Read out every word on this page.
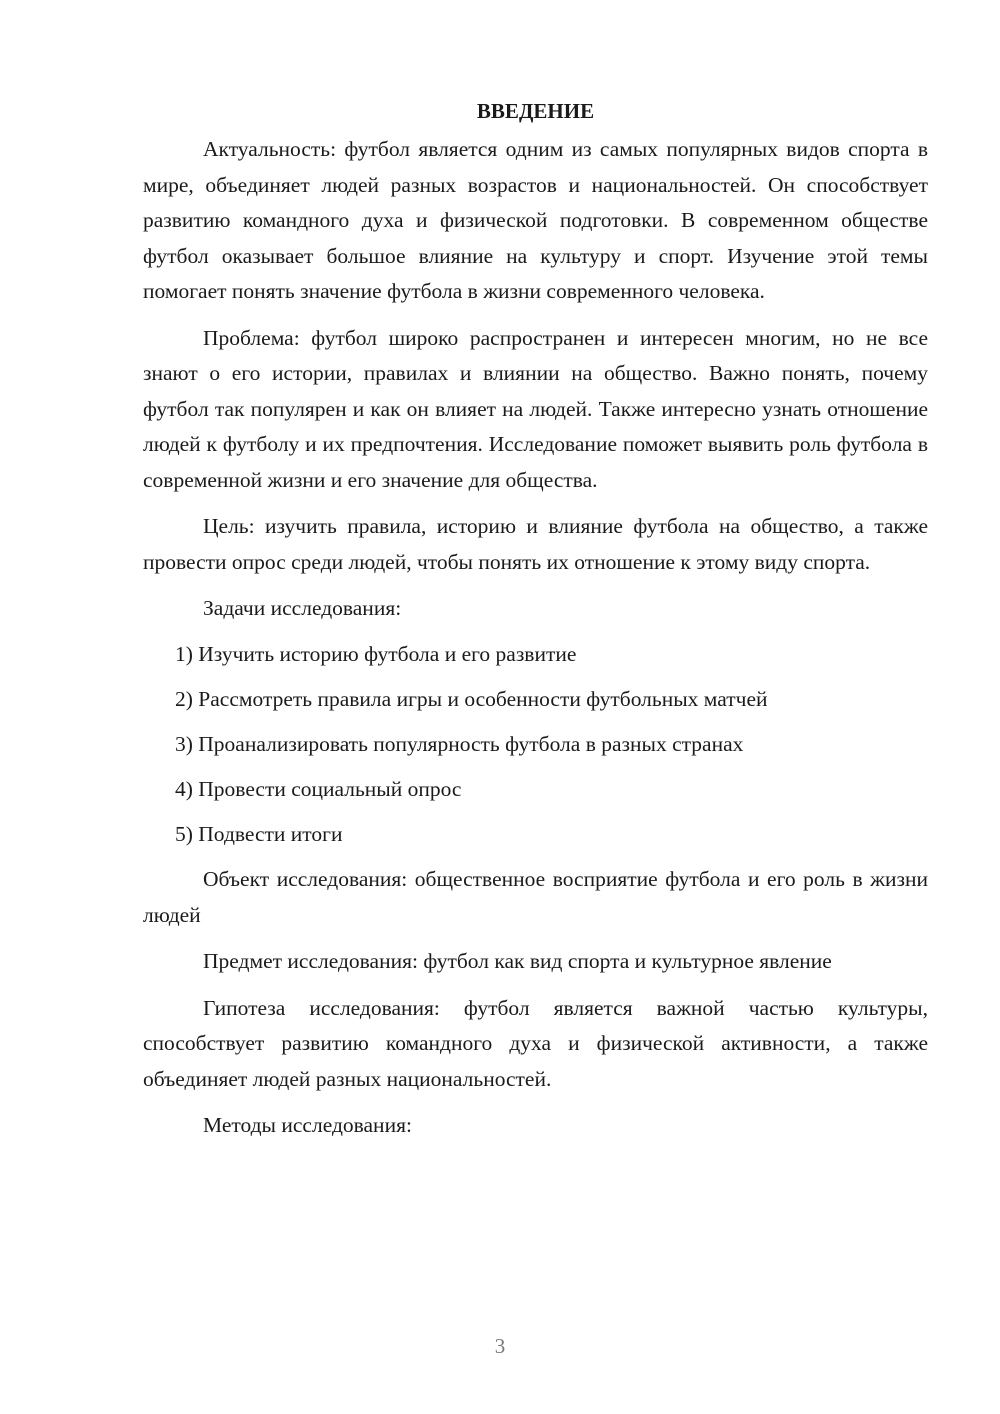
ВВЕДЕНИЕ

Актуальность: футбол является одним из самых популярных видов спорта в мире, объединяет людей разных возрастов и национальностей. Он способствует развитию командного духа и физической подготовки. В современном обществе футбол оказывает большое влияние на культуру и спорт. Изучение этой темы помогает понять значение футбола в жизни современного человека.

Проблема: футбол широко распространен и интересен многим, но не все знают о его истории, правилах и влиянии на общество. Важно понять, почему футбол так популярен и как он влияет на людей. Также интересно узнать отношение людей к футболу и их предпочтения. Исследование поможет выявить роль футбола в современной жизни и его значение для общества.

Цель: изучить правила, историю и влияние футбола на общество, а также провести опрос среди людей, чтобы понять их отношение к этому виду спорта.

Задачи исследования:

1) Изучить историю футбола и его развитие

2) Рассмотреть правила игры и особенности футбольных матчей

3) Проанализировать популярность футбола в разных странах

4) Провести социальный опрос

5) Подвести итоги

Объект исследования: общественное восприятие футбола и его роль в жизни людей

Предмет исследования: футбол как вид спорта и культурное явление

Гипотеза исследования: футбол является важной частью культуры, способствует развитию командного духа и физической активности, а также объединяет людей разных национальностей.

Методы исследования:

3
